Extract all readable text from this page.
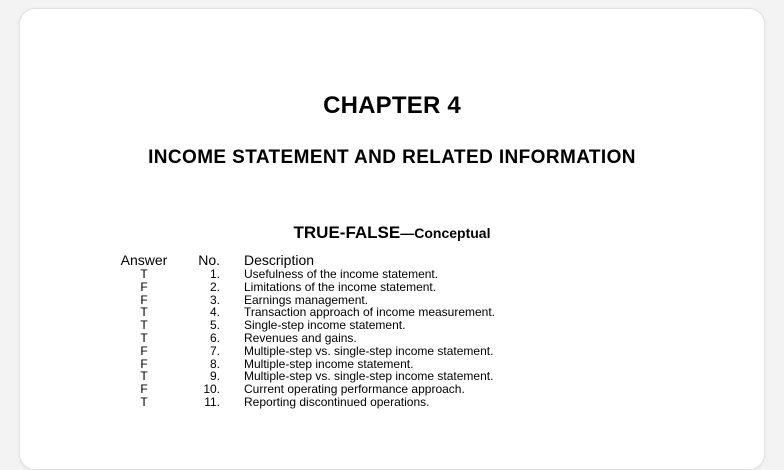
CHAPTER 4
INCOME STATEMENT AND RELATED INFORMATION
TRUE-FALSE—Conceptual
Answer	No. Description
T	1. Usefulness of the income statement.
F	2. Limitations of the income statement.
F	3. Earnings management.
T	4. Transaction approach of income measurement.
T	5. Single-step income statement.
T	6. Revenues and gains.
F	7. Multiple-step vs. single-step income statement.
F	8. Multiple-step income statement.
T	9. Multiple-step vs. single-step income statement.
F	10. Current operating performance approach.
T	11. Reporting discontinued operations.
